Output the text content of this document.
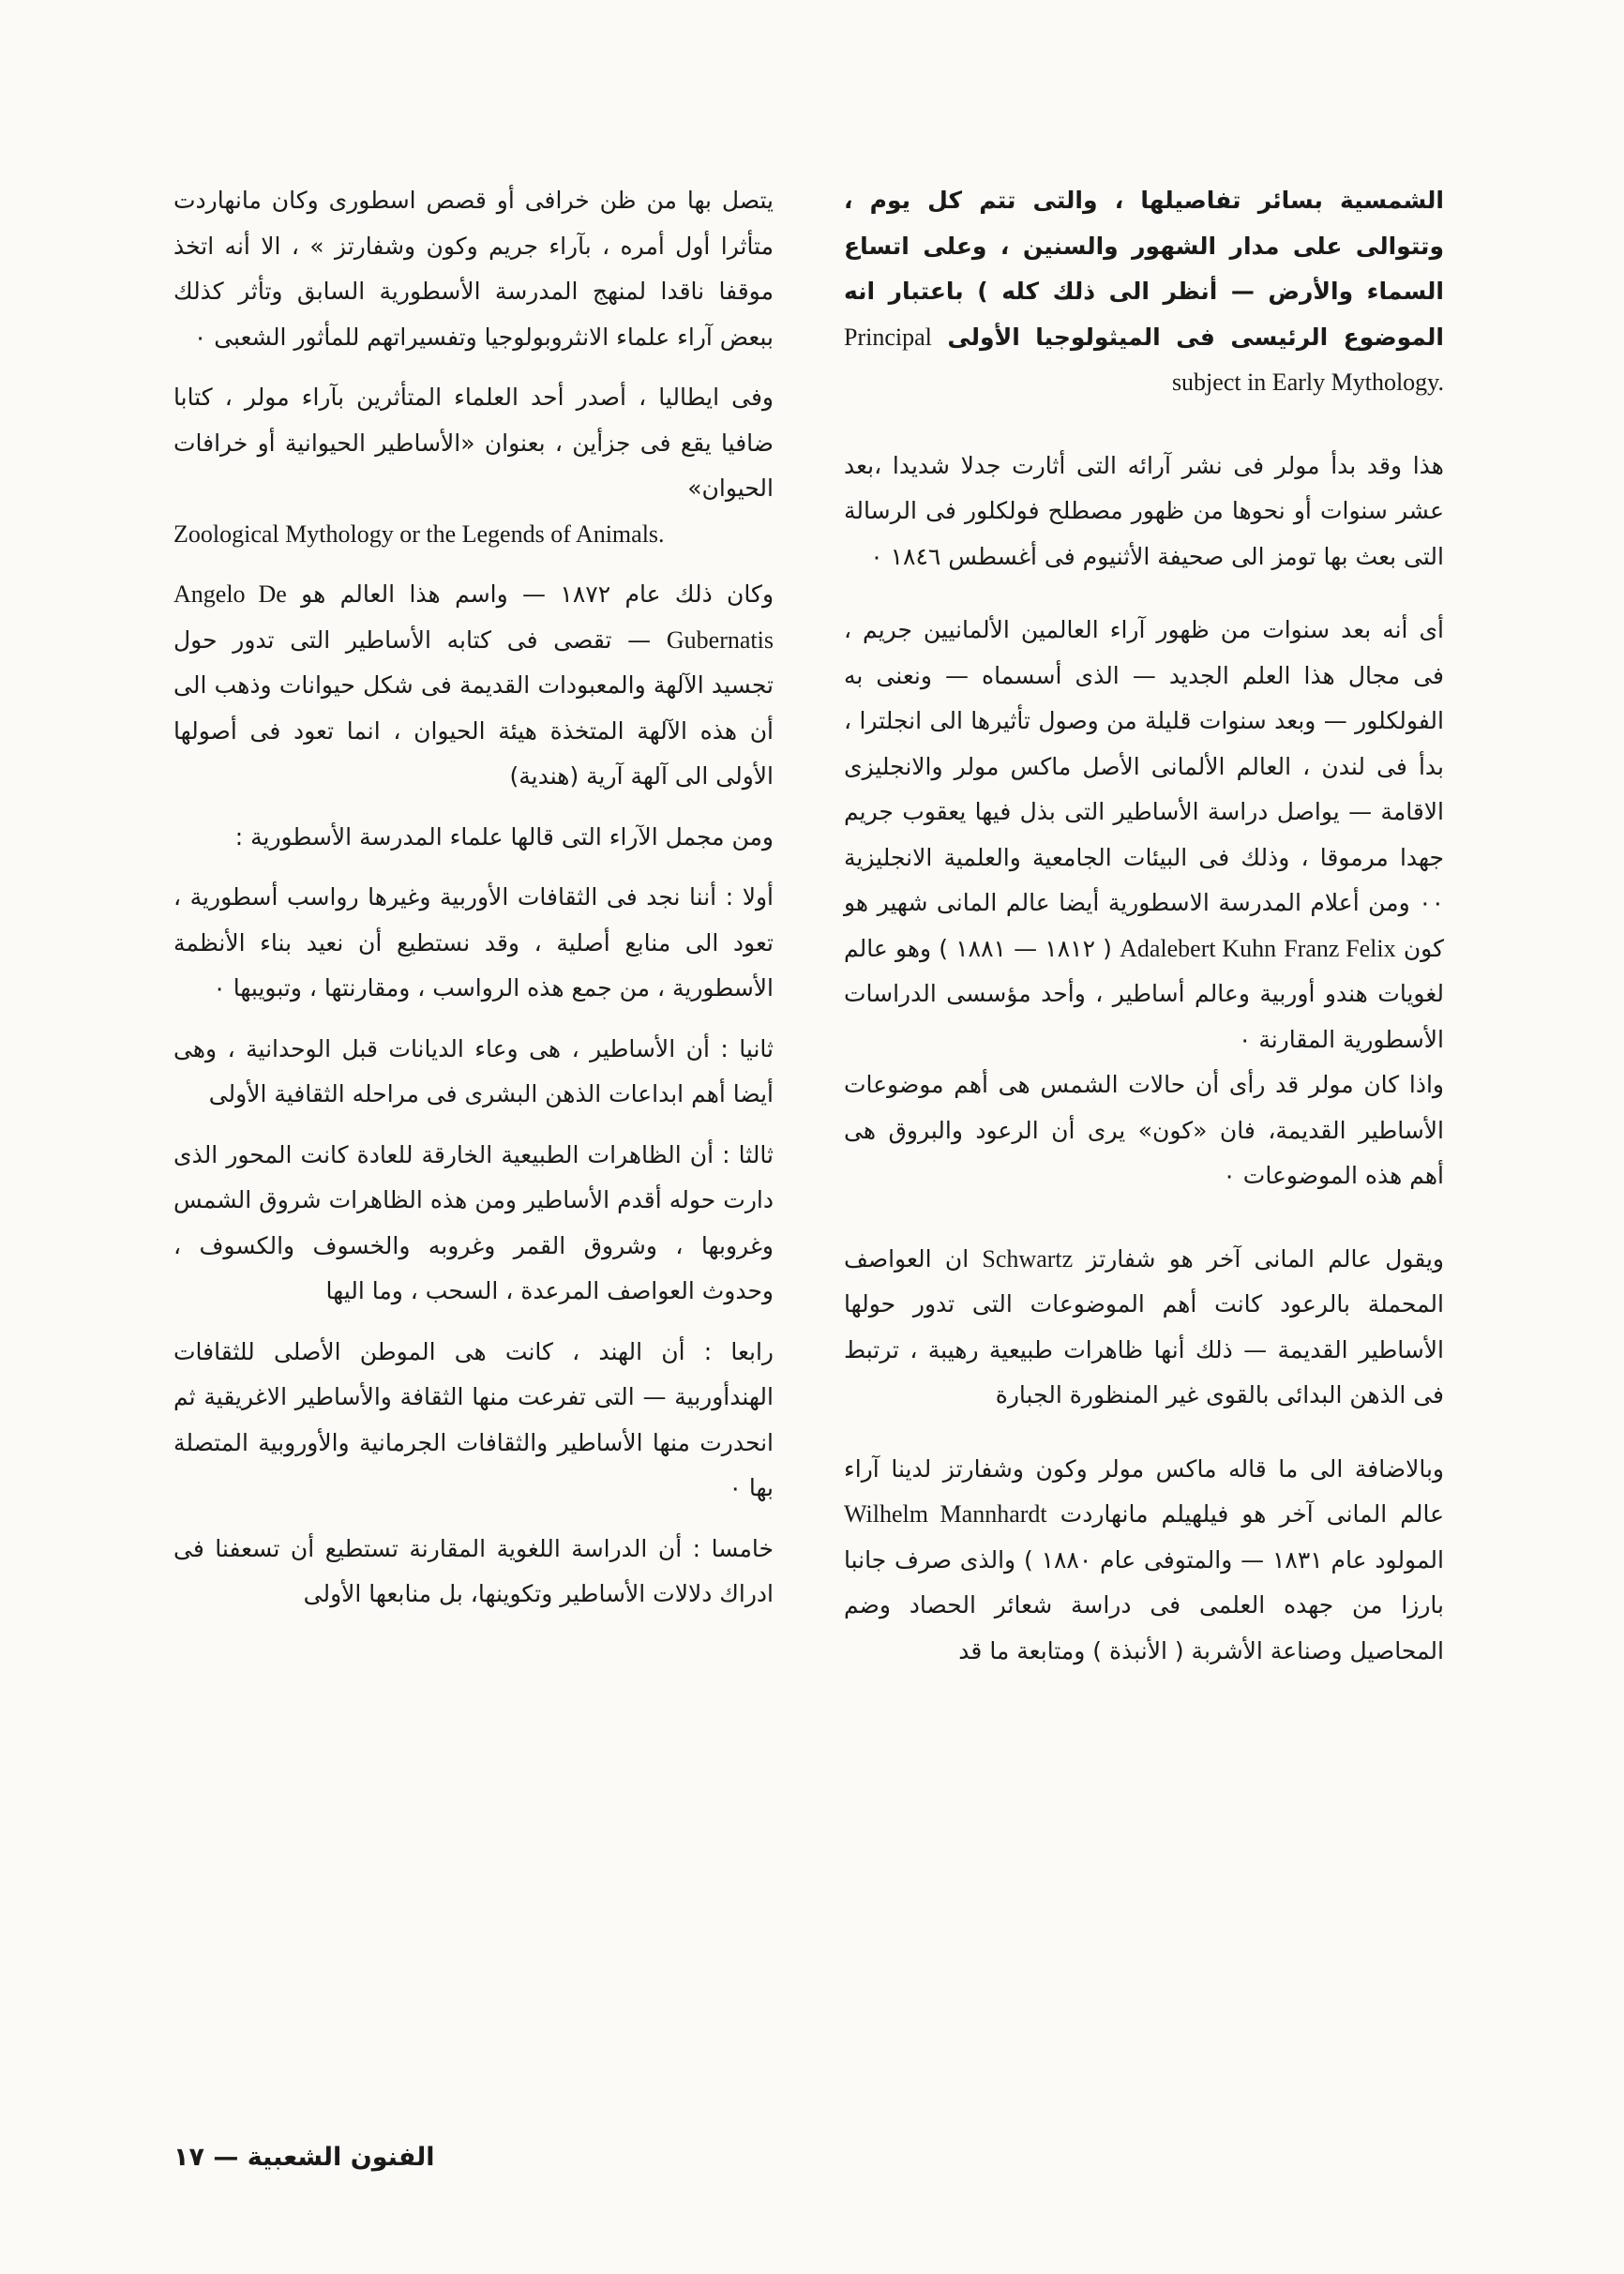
الشمسية بسائر تفاصيلها ، والتى تتم كل يوم ، وتتوالى على مدار الشهور والسنين ، وعلى اتساع السماء والأرض — أنظر الى ذلك كله ) باعتبار انه الموضوع الرئيسى فى الميثولوجيا الأولى Principal subject in Early Mythology.
هذا وقد بدأ مولر فى نشر آرائه التى أثارت جدلا شديدا ،بعد عشر سنوات أو نحوها من ظهور مصطلح فولكلور فى الرسالة التى بعث بها تومز الى صحيفة الأثنيوم فى أغسطس ١٨٤٦ ٠
أى أنه بعد سنوات من ظهور آراء العالمين الألمانيين جريم ، فى مجال هذا العلم الجديد — الذى أسسماه — ونعنى به الفولكلور — وبعد سنوات قليلة من وصول تأثيرها الى انجلترا ، بدأ فى لندن ، العالم الألمانى الأصل ماكس مولر والانجليزى الاقامة — يواصل دراسة الأساطير التى بذل فيها يعقوب جريم جهدا مرموقا ، وذلك فى البيئات الجامعية والعلمية الانجليزية ٠٠ ومن أعلام المدرسة الاسطورية أيضا عالم المانى شهير هو كون Franz Felix Adalebert Kuhn ( ١٨١٢ — ١٨٨١ ) وهو عالم لغويات هندو أوربية وعالم أساطير ، وأحد مؤسسى الدراسات الأسطورية المقارنة ٠
واذا كان مولر قد رأى أن حالات الشمس هى أهم موضوعات الأساطير القديمة، فان «كون» يرى أن الرعود والبروق هى أهم هذه الموضوعات ٠
ويقول عالم المانى آخر هو شفارتز Schwartz ان العواصف المحملة بالرعود كانت أهم الموضوعات التى تدور حولها الأساطير القديمة — ذلك أنها ظاهرات طبيعية رهيبة ، ترتبط فى الذهن البدائى بالقوى غير المنظورة الجبارة
وبالاضافة الى ما قاله ماكس مولر وكون وشفارتز لدينا آراء عالم المانى آخر هو فيلهيلم مانهاردت Wilhelm Mannhardt المولود عام ١٨٣١ — والمتوفى عام ١٨٨٠ ) والذى صرف جانبا بارزا من جهده العلمى فى دراسة شعائر الحصاد وضم المحاصيل وصناعة الأشربة ( الأنبذة ) ومتابعة ما قد
يتصل بها من ظن خرافى أو قصص اسطورى وكان مانهاردت متأثرا أول أمره ، بآراء جريم وكون وشفارتز » ، الا أنه اتخذ موقفا ناقدا لمنهج المدرسة الأسطورية السابق وتأثر كذلك ببعض آراء علماء الانثروبولوجيا وتفسيراتهم للمأثور الشعبى ٠
وفى ايطاليا ، أصدر أحد العلماء المتأثرين بآراء مولر ، كتابا ضافيا يقع فى جزأين ، بعنوان «الأساطير الحيوانية أو خرافات الحيوان»
Zoological Mythology or the Legends of Animals.
وكان ذلك عام ١٨٧٢ — واسم هذا العالم هو Angelo De Gubernatis — تقصى فى كتابه الأساطير التى تدور حول تجسيد الآلهة والمعبودات القديمة فى شكل حيوانات وذهب الى أن هذه الآلهة المتخذة هيئة الحيوان ، انما تعود فى أصولها الأولى الى آلهة آرية (هندية)
ومن مجمل الآراء التى قالها علماء المدرسة الأسطورية :
أولا : أننا نجد فى الثقافات الأوربية وغيرها رواسب أسطورية ، تعود الى منابع أصلية ، وقد نستطيع أن نعيد بناء الأنظمة الأسطورية ، من جمع هذه الرواسب ، ومقارنتها ، وتبويبها ٠
ثانيا : أن الأساطير ، هى وعاء الديانات قبل الوحدانية ، وهى أيضا أهم ابداعات الذهن البشرى فى مراحله الثقافية الأولى
ثالثا : أن الظاهرات الطبيعية الخارقة للعادة كانت المحور الذى دارت حوله أقدم الأساطير ومن هذه الظاهرات شروق الشمس وغروبها ، وشروق القمر وغروبه والخسوف والكسوف ، وحدوث العواصف المرعدة ، السحب ، وما اليها
رابعا : أن الهند ، كانت هى الموطن الأصلى للثقافات الهندأوربية — التى تفرعت منها الثقافة والأساطير الاغريقية ثم انحدرت منها الأساطير والثقافات الجرمانية والأوروبية المتصلة بها ٠
خامسا : أن الدراسة اللغوية المقارنة تستطيع أن تسعفنا فى ادراك دلالات الأساطير وتكوينها، بل منابعها الأولى
الفنون الشعبية — ١٧
